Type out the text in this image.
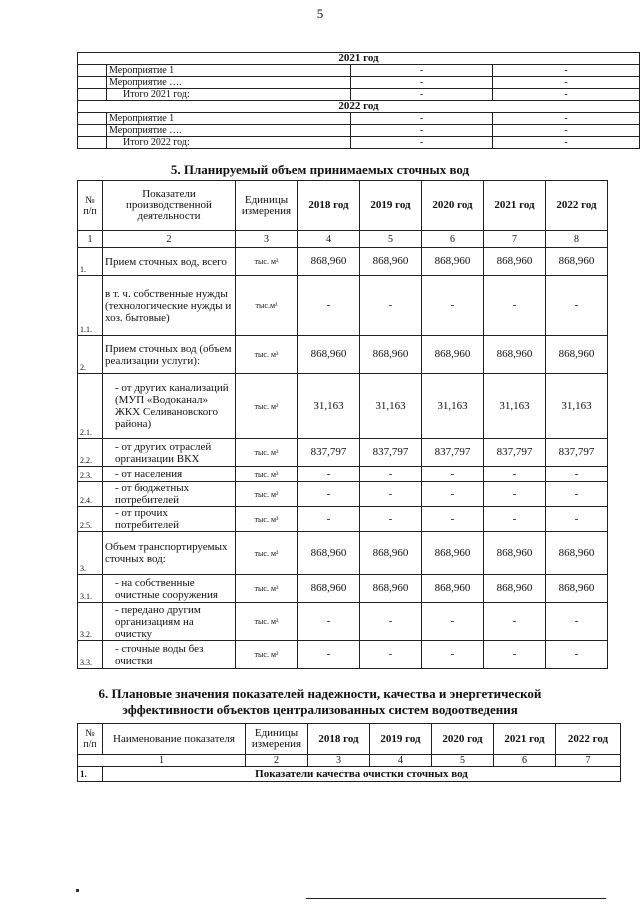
5
2021 год			
	Мероприятие 1	-	-
	Мероприятие ….	-	-
	Итого 2021 год:	-	-
2022 год			
	Мероприятие 1	-	-
	Мероприятие ….	-	-
	Итого 2022 год:	-	-
5. Планируемый объем принимаемых сточных вод
№ п/п	Показатели производственной деятельности	Единицы измерения	2018 год	2019 год	2020 год	2021 год	2022 год
1	2	3	4	5	6	7	8
1.	Прием сточных вод, всего	тыс. м³	868,960	868,960	868,960	868,960	868,960
1.1.	в т. ч. собственные нужды (технологические нужды и хоз. бытовые)	тыс.м³	-	-	-	-	-
2.	Прием сточных вод (объем реализации услуги):	тыс. м³	868,960	868,960	868,960	868,960	868,960
2.1.	- от других канализаций (МУП «Водоканал» ЖКХ Селивановского района)	тыс. м³	31,163	31,163	31,163	31,163	31,163
2.2.	- от других отраслей организации ВКХ	тыс. м³	837,797	837,797	837,797	837,797	837,797
2.3.	- от населения	тыс. м³	-	-	-	-	-
2.4.	- от бюджетных потребителей	тыс. м³	-	-	-	-	-
2.5.	- от прочих потребителей	тыс. м³	-	-	-	-	-
3.	Объем транспортируемых сточных вод:	тыс. м³	868,960	868,960	868,960	868,960	868,960
3.1.	- на собственные очистные сооружения	тыс. м³	868,960	868,960	868,960	868,960	868,960
3.2.	- передано другим организациям на очистку	тыс. м³	-	-	-	-	-
3.3.	- сточные воды без очистки	тыс. м³	-	-	-	-	-
6. Плановые значения показателей надежности, качества и энергетической
эффективности объектов централизованных систем водоотведения
№ п/п	Наименование показателя	Единицы измерения	2018 год	2019 год	2020 год	2021 год	2022 год
1		2	3	4	5	6	7
1.	Показатели качества очистки сточных вод						
